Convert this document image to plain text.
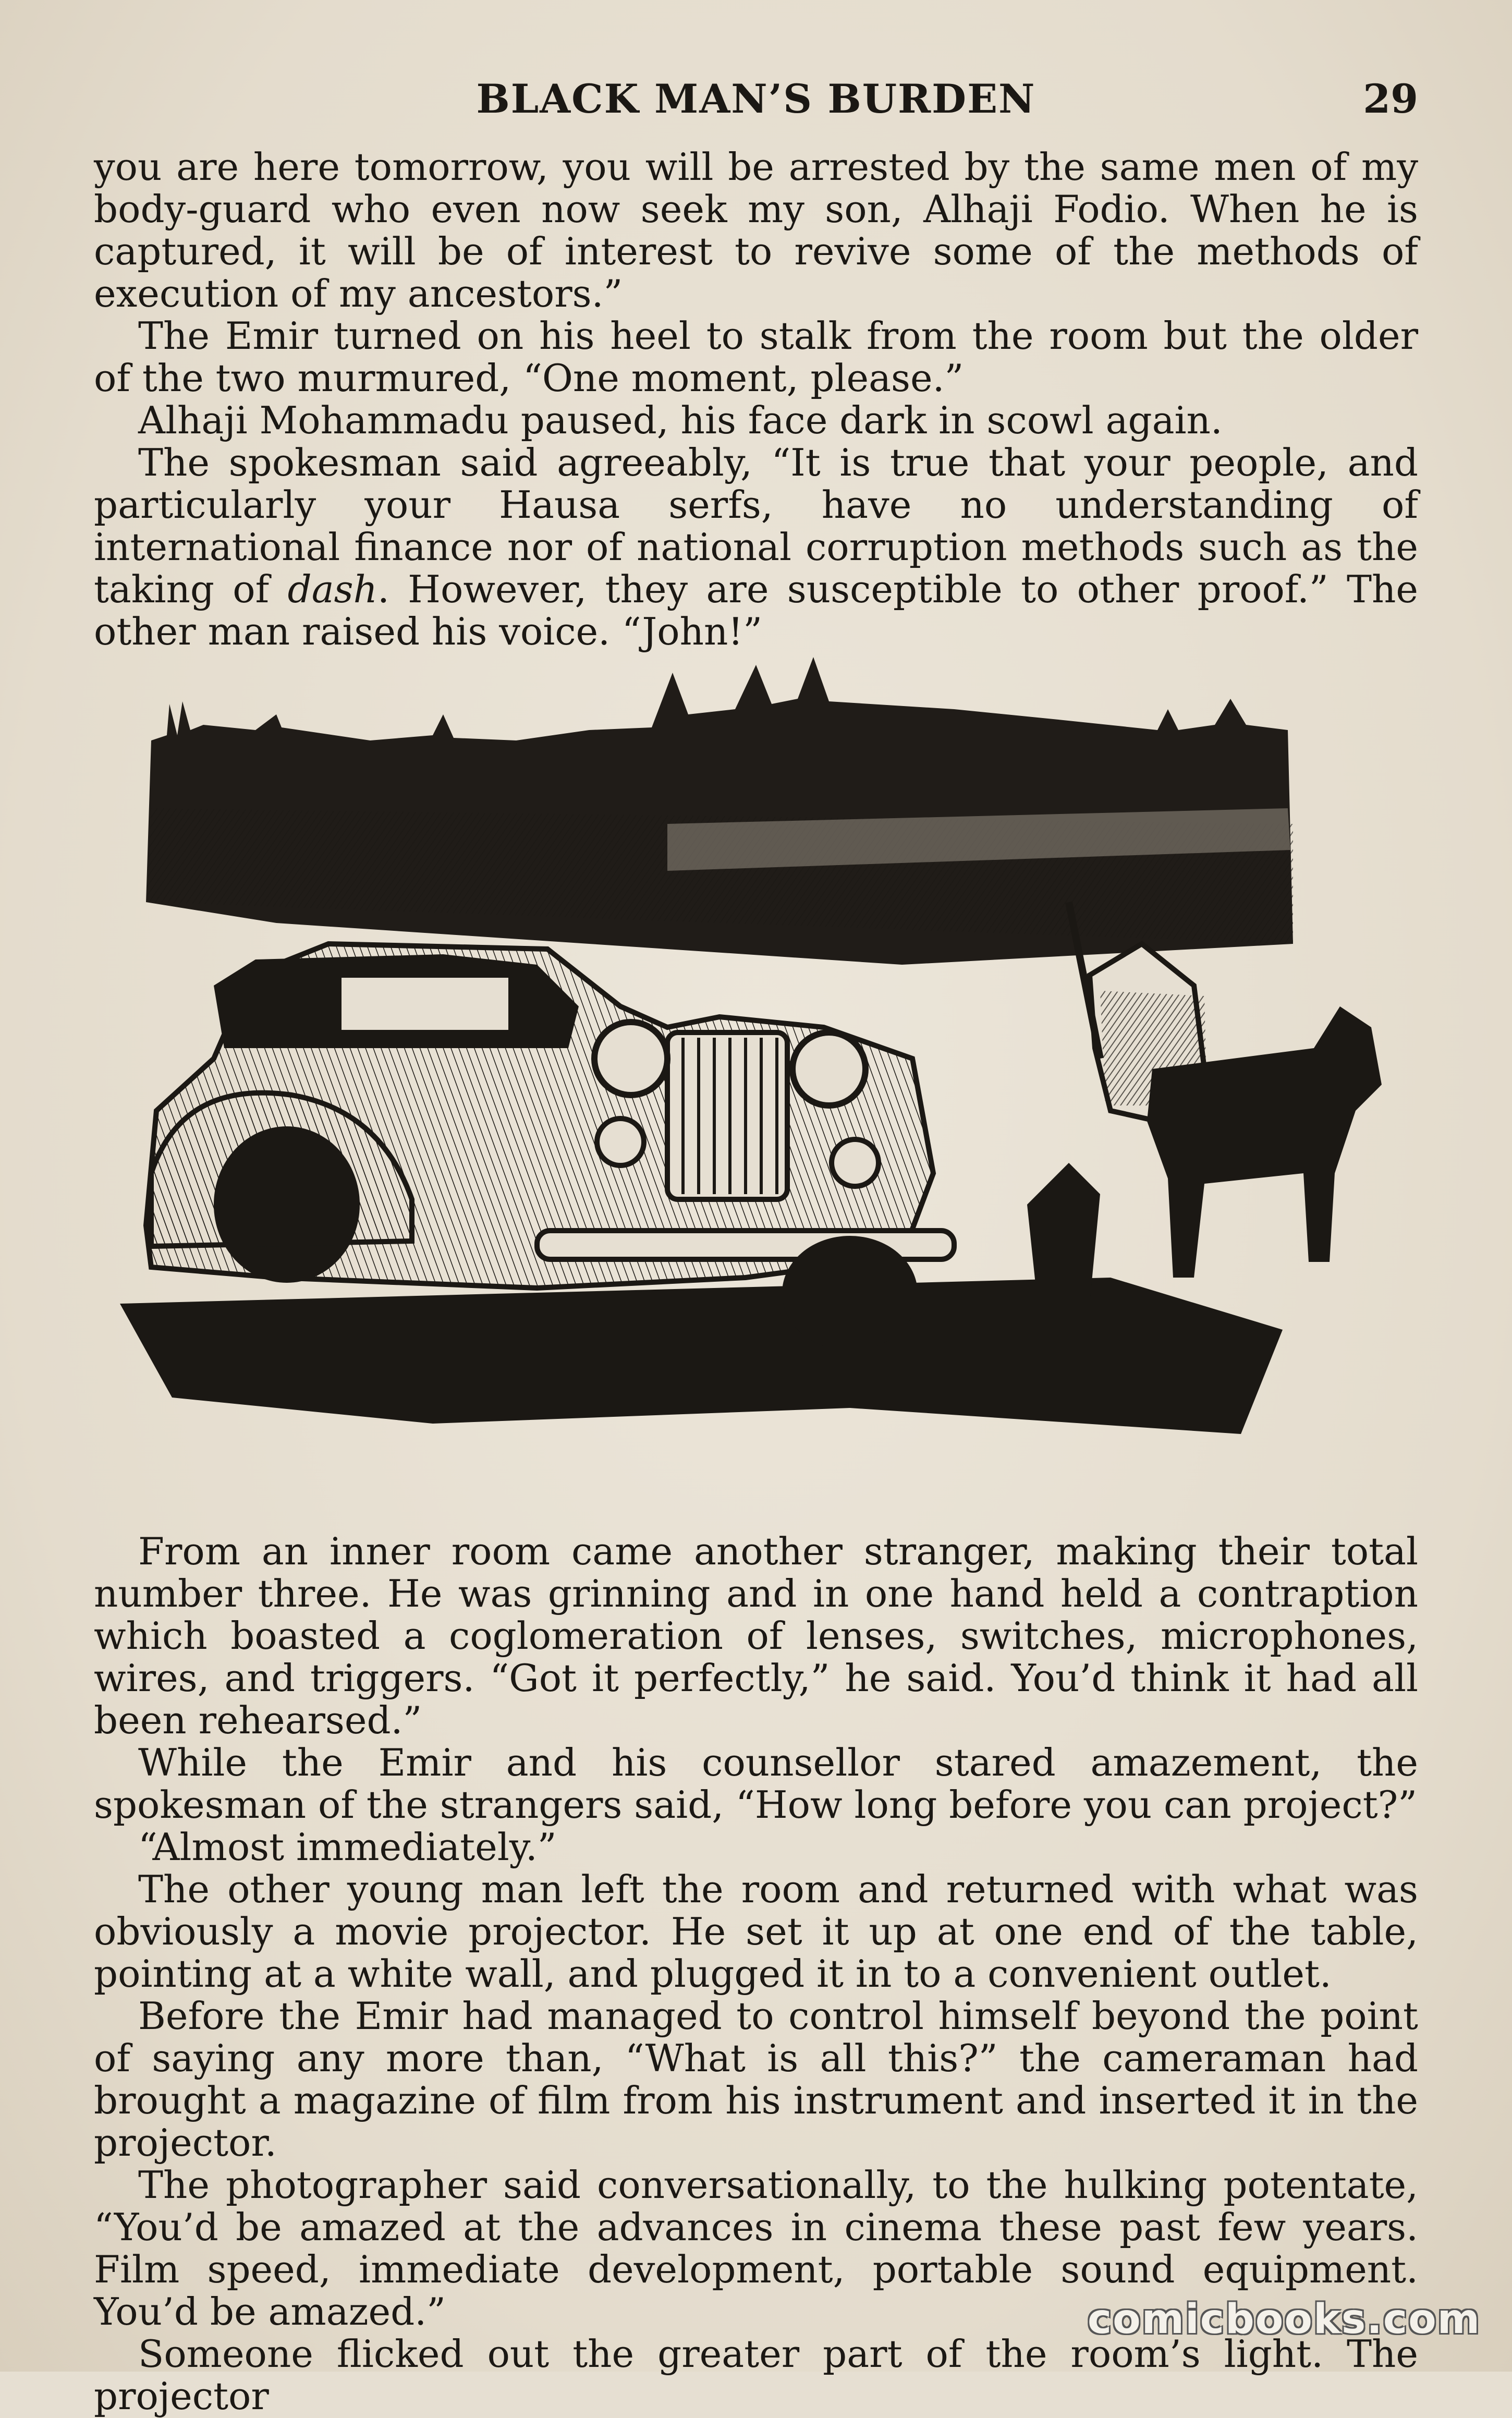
BLACK MAN’S BURDEN	29

you are here tomorrow, you will be arrested by the same men of my body-guard who even now seek my son, Alhaji Fodio. When he is captured, it will be of interest to revive some of the methods of execution of my ancestors.”

The Emir turned on his heel to stalk from the room but the older of the two murmured, “One moment, please.”

Alhaji Mohammadu paused, his face dark in scowl again.

The spokesman said agreeably, “It is true that your people, and particularly your Hausa serfs, have no understanding of international finance nor of national corruption methods such as the taking of dash. However, they are susceptible to other proof.” The other man raised his voice. “John!”

From an inner room came another stranger, making their total number three. He was grinning and in one hand held a contraption which boasted a coglomeration of lenses, switches, microphones, wires, and triggers. “Got it perfectly,” he said. You’d think it had all been rehearsed.”

While the Emir and his counsellor stared amazement, the spokesman of the strangers said, “How long before you can project?”

“Almost immediately.”

The other young man left the room and returned with what was obviously a movie projector. He set it up at one end of the table, pointing at a white wall, and plugged it in to a convenient outlet.

Before the Emir had managed to control himself beyond the point of saying any more than, “What is all this?” the cameraman had brought a magazine of film from his instrument and inserted it in the projector.

The photographer said conversationally, to the hulking potentate, “You’d be amazed at the advances in cinema these past few years. Film speed, immediate development, portable sound equipment. You’d be amazed.”

Someone flicked out the greater part of the room’s light. The projector

comicbooks.com
